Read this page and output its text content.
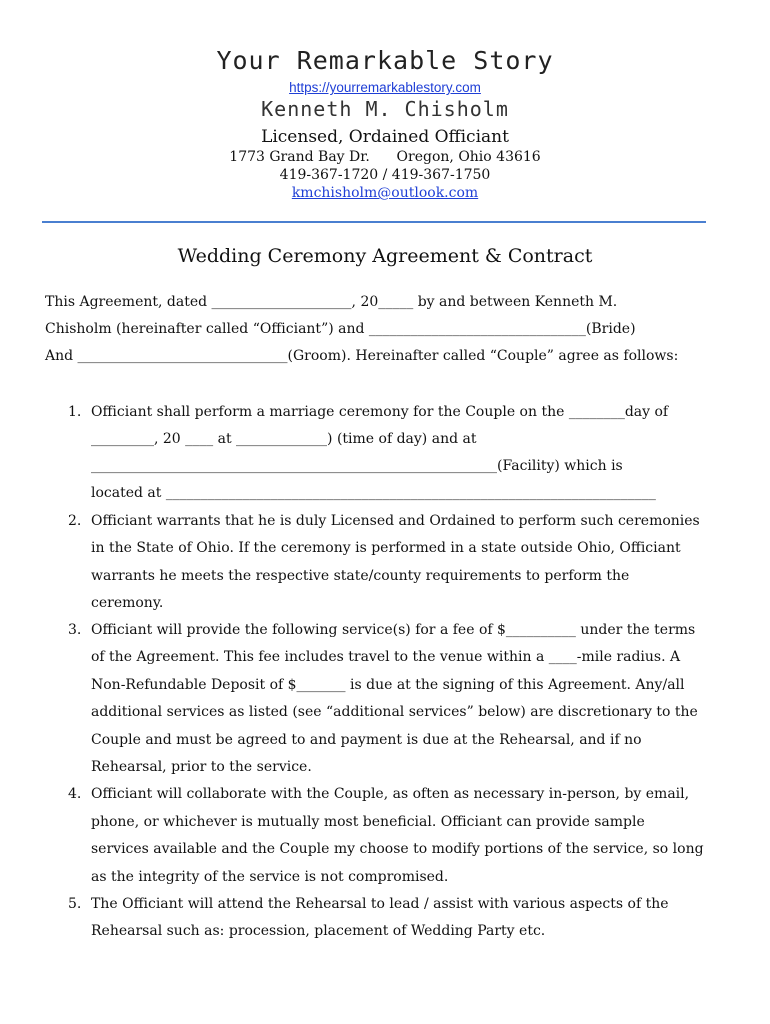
Your Remarkable Story
https://yourremarkablestory.com
Kenneth M. Chisholm
Licensed, Ordained Officiant
1773 Grand Bay Dr.      Oregon, Ohio 43616
419-367-1720 / 419-367-1750
kmchisholm@outlook.com
Wedding Ceremony Agreement & Contract
This Agreement, dated ____________________, 20_____ by and between Kenneth M.
Chisholm (hereinafter called “Officiant”) and _______________________________(Bride)
And ______________________________(Groom). Hereinafter called “Couple” agree as follows:
1. Officiant shall perform a marriage ceremony for the Couple on the ________day of
_________, 20 ____ at _____________) (time of day) and at
__________________________________________________________(Facility) which is
located at ______________________________________________________________________
2. Officiant warrants that he is duly Licensed and Ordained to perform such ceremonies
in the State of Ohio. If the ceremony is performed in a state outside Ohio, Officiant
warrants he meets the respective state/county requirements to perform the
ceremony.
3. Officiant will provide the following service(s) for a fee of $__________ under the terms
of the Agreement. This fee includes travel to the venue within a ____-mile radius. A
Non-Refundable Deposit of $_______ is due at the signing of this Agreement. Any/all
additional services as listed (see “additional services” below) are discretionary to the
Couple and must be agreed to and payment is due at the Rehearsal, and if no
Rehearsal, prior to the service.
4. Officiant will collaborate with the Couple, as often as necessary in-person, by email,
phone, or whichever is mutually most beneficial. Officiant can provide sample
services available and the Couple my choose to modify portions of the service, so long
as the integrity of the service is not compromised.
5. The Officiant will attend the Rehearsal to lead / assist with various aspects of the
Rehearsal such as: procession, placement of Wedding Party etc.
